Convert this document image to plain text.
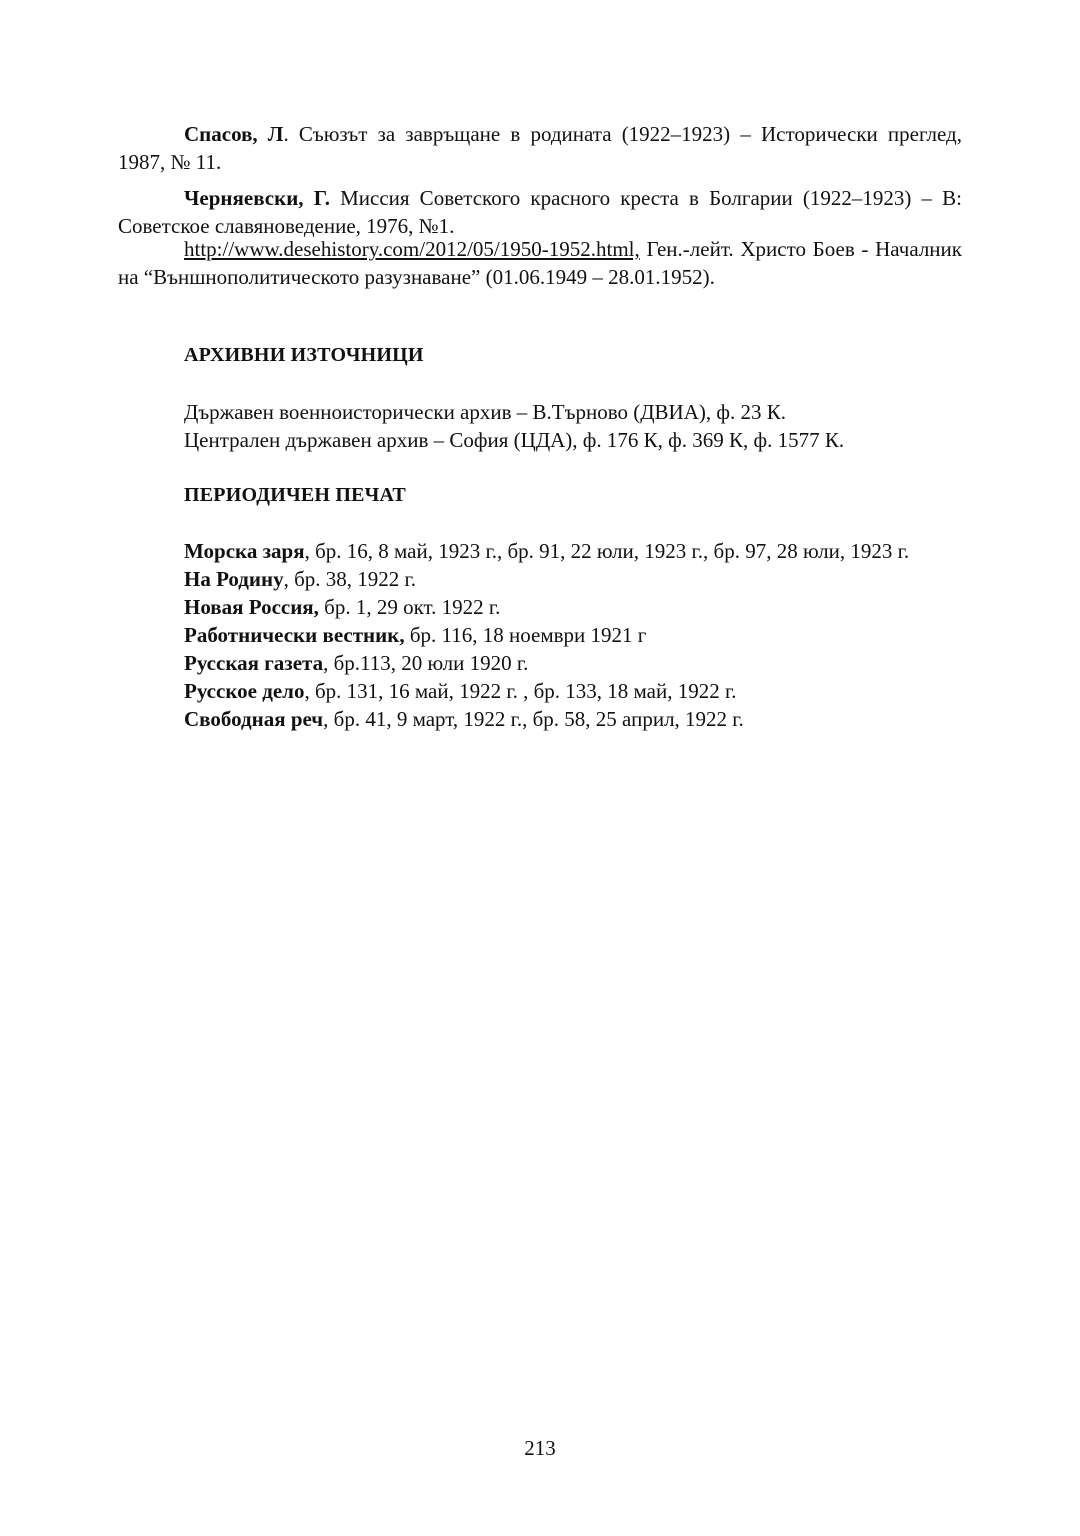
Спасов, Л. Съюзът за завръщане в родината (1922–1923) – Исторически преглед, 1987, № 11.

Черняевски, Г. Миссия Советского красного креста в Болгарии (1922–1923) – В: Советское славяноведение, 1976, №1.

http://www.desehistory.com/2012/05/1950-1952.html, Ген.-лейт. Христо Боев - Началник на “Външнополитическото разузнаване” (01.06.1949 – 28.01.1952).

АРХИВНИ ИЗТОЧНИЦИ

Държавен военноисторически архив – В.Търново (ДВИА), ф. 23 К.

Централен държавен архив – София (ЦДА), ф. 176 К, ф. 369 К, ф. 1577 К.

ПЕРИОДИЧЕН ПЕЧАТ

Морска заря, бр. 16, 8 май, 1923 г., бр. 91, 22 юли, 1923 г., бр. 97, 28 юли, 1923 г.

На Родину, бр. 38, 1922 г.

Новая Россия, бр. 1, 29 окт. 1922 г.

Работнически вестник, бр. 116, 18 ноември 1921 г

Русская газета, бр.113, 20 юли 1920 г.

Русское дело, бр. 131, 16 май, 1922 г. , бр. 133, 18 май, 1922 г.

Свободная реч, бр. 41, 9 март, 1922 г., бр. 58, 25 април, 1922 г.

213
